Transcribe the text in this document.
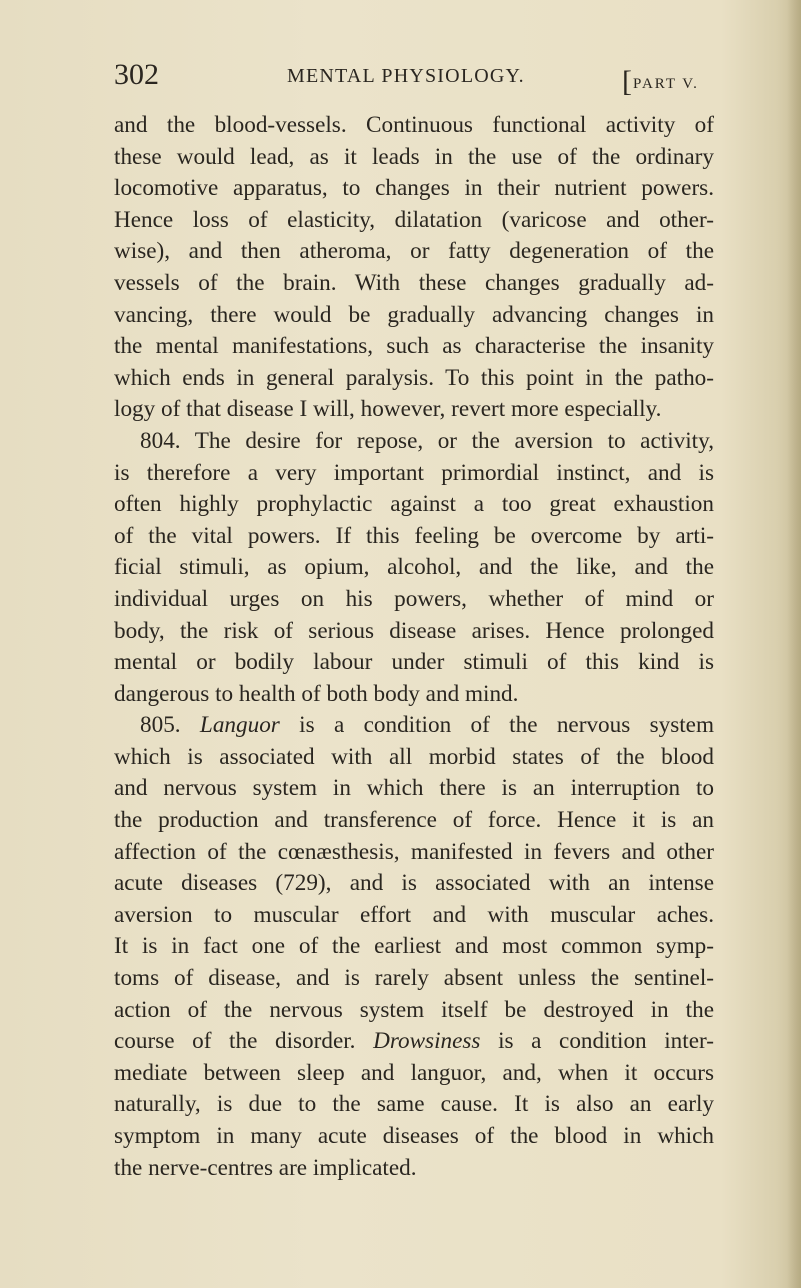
302	MENTAL PHYSIOLOGY.	[PART V.
and the blood-vessels. Continuous functional activity of
these would lead, as it leads in the use of the ordinary
locomotive apparatus, to changes in their nutrient powers.
Hence loss of elasticity, dilatation (varicose and other-
wise), and then atheroma, or fatty degeneration of the
vessels of the brain. With these changes gradually ad-
vancing, there would be gradually advancing changes in
the mental manifestations, such as characterise the insanity
which ends in general paralysis. To this point in the patho-
logy of that disease I will, however, revert more especially.
804. The desire for repose, or the aversion to activity,
is therefore a very important primordial instinct, and is
often highly prophylactic against a too great exhaustion
of the vital powers. If this feeling be overcome by arti-
ficial stimuli, as opium, alcohol, and the like, and the
individual urges on his powers, whether of mind or
body, the risk of serious disease arises. Hence prolonged
mental or bodily labour under stimuli of this kind is
dangerous to health of both body and mind.
805. Languor is a condition of the nervous system
which is associated with all morbid states of the blood
and nervous system in which there is an interruption to
the production and transference of force. Hence it is an
affection of the cœnæsthesis, manifested in fevers and other
acute diseases (729), and is associated with an intense
aversion to muscular effort and with muscular aches.
It is in fact one of the earliest and most common symp-
toms of disease, and is rarely absent unless the sentinel-
action of the nervous system itself be destroyed in the
course of the disorder. Drowsiness is a condition inter-
mediate between sleep and languor, and, when it occurs
naturally, is due to the same cause. It is also an early
symptom in many acute diseases of the blood in which
the nerve-centres are implicated.
